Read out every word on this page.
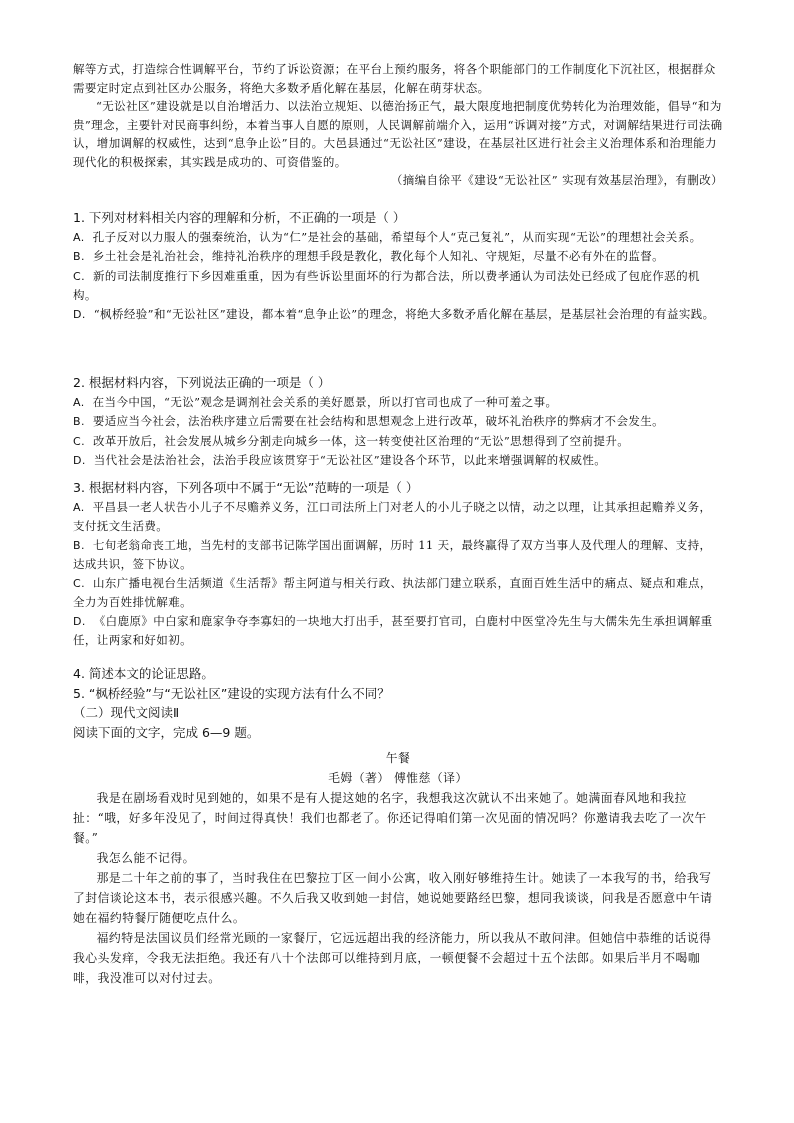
解等方式，打造综合性调解平台，节约了诉讼资源；在平台上预约服务，将各个职能部门的工作制度化下沉社区，根据群众需要定时定点到社区办公服务，将绝大多数矛盾化解在基层，化解在萌芽状态。

“无讼社区”建设就是以自治增活力、以法治立规矩、以德治扬正气，最大限度地把制度优势转化为治理效能，倡导“和为贵”理念，主要针对民商事纠纷，本着当事人自愿的原则，人民调解前端介入，运用“诉调对接”方式，对调解结果进行司法确认，增加调解的权威性，达到“息争止讼”目的。大邑县通过“无讼社区”建设，在基层社区进行社会主义治理体系和治理能力现代化的积极探索，其实践是成功的、可资借鉴的。

（摘编自徐平《建设“无讼社区” 实现有效基层治理》，有删改）

1. 下列对材料相关内容的理解和分析，不正确的一项是（ ）

A. 孔子反对以力服人的强秦统治，认为“仁”是社会的基础，希望每个人“克己复礼”，从而实现“无讼”的理想社会关系。

B. 乡土社会是礼治社会，维持礼治秩序的理想手段是教化，教化每个人知礼、守规矩，尽量不必有外在的监督。

C. 新的司法制度推行下乡因难重重，因为有些诉讼里面坏的行为都合法，所以费孝通认为司法处已经成了包庇作恶的机构。

D. “枫桥经验”和“无讼社区”建设，都本着“息争止讼”的理念，将绝大多数矛盾化解在基层，是基层社会治理的有益实践。

2. 根据材料内容，下列说法正确的一项是（ ）

A. 在当今中国，“无讼”观念是调剂社会关系的美好愿景，所以打官司也成了一种可羞之事。

B. 要适应当今社会，法治秩序建立后需要在社会结构和思想观念上进行改革，破坏礼治秩序的弊病才不会发生。

C. 改革开放后，社会发展从城乡分割走向城乡一体，这一转变使社区治理的“无讼”思想得到了空前提升。

D. 当代社会是法治社会，法治手段应该贯穿于“无讼社区”建设各个环节，以此来增强调解的权威性。

3. 根据材料内容，下列各项中不属于“无讼”范畴的一项是（ ）

A. 平昌县一老人状告小儿子不尽赡养义务，江口司法所上门对老人的小儿子晓之以情，动之以理，让其承担起赡养义务，支付抚文生活费。

B. 七旬老翁命丧工地，当先村的支部书记陈学国出面调解，历时 11 天，最终赢得了双方当事人及代理人的理解、支持，达成共识，签下协议。

C. 山东广播电视台生活频道《生活帮》帮主阿道与相关行政、执法部门建立联系，直面百姓生活中的痛点、疑点和难点，全力为百姓排忧解难。

D. 《白鹿原》中白家和鹿家争夺李寡妇的一块地大打出手，甚至要打官司，白鹿村中医堂冷先生与大儒朱先生承担调解重任，让两家和好如初。

4. 简述本文的论证思路。

5. “枫桥经验”与“无讼社区”建设的实现方法有什么不同？

（二）现代文阅读Ⅱ

阅读下面的文字，完成 6—9 题。

午餐

毛姆（著） 傅惟慈（译）

我是在剧场看戏时见到她的，如果不是有人提这她的名字，我想我这次就认不出来她了。她满面春风地和我拉扯：“哦，好多年没见了，时间过得真快！我们也都老了。你还记得咱们第一次见面的情况吗？你邀请我去吃了一次午餐。”

我怎么能不记得。

那是二十年之前的事了，当时我住在巴黎拉丁区一间小公寓，收入刚好够维持生计。她读了一本我写的书，给我写了封信谈论这本书，表示很感兴趣。不久后我又收到她一封信，她说她要路经巴黎，想同我谈谈，问我是否愿意中午请她在福约特餐厅随便吃点什么。

福约特是法国议员们经常光顾的一家餐厅，它远远超出我的经济能力，所以我从不敢问津。但她信中恭维的话说得我心头发痒，令我无法拒绝。我还有八十个法郎可以维持到月底，一顿便餐不会超过十五个法郎。如果后半月不喝咖啡，我没准可以对付过去。
